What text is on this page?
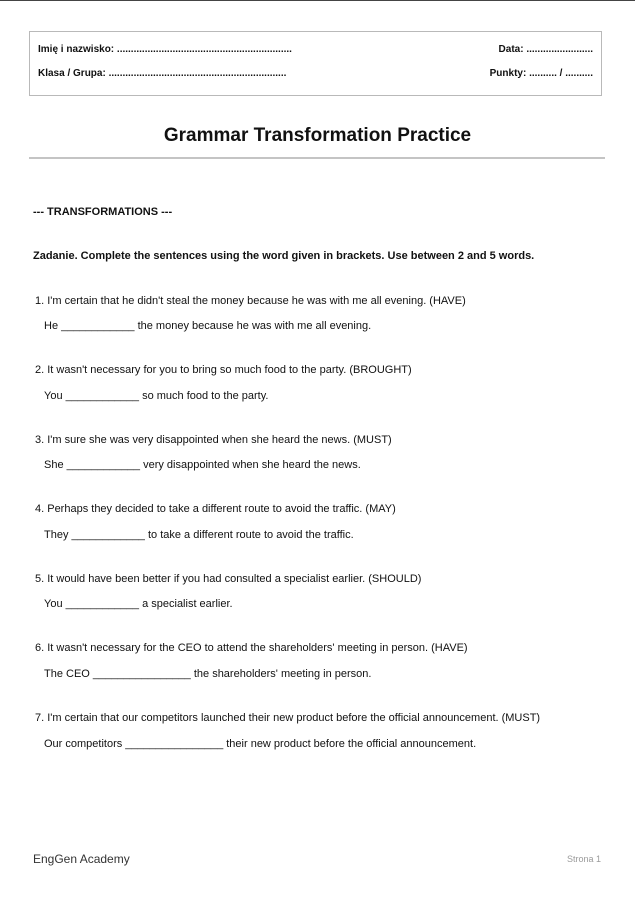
Imię i nazwisko: ...............................................................
Klasa / Grupa: ................................................................
Data: ........................
Punkty: .......... / ..........
Grammar Transformation Practice
--- TRANSFORMATIONS ---
Zadanie. Complete the sentences using the word given in brackets. Use between 2 and 5 words.
1. I'm certain that he didn't steal the money because he was with me all evening. (HAVE)
He ____________ the money because he was with me all evening.
2. It wasn't necessary for you to bring so much food to the party. (BROUGHT)
You ____________ so much food to the party.
3. I'm sure she was very disappointed when she heard the news. (MUST)
She ____________ very disappointed when she heard the news.
4. Perhaps they decided to take a different route to avoid the traffic. (MAY)
They ____________ to take a different route to avoid the traffic.
5. It would have been better if you had consulted a specialist earlier. (SHOULD)
You ____________ a specialist earlier.
6. It wasn't necessary for the CEO to attend the shareholders' meeting in person. (HAVE)
The CEO ________________ the shareholders' meeting in person.
7. I'm certain that our competitors launched their new product before the official announcement. (MUST)
Our competitors ________________ their new product before the official announcement.
EngGen Academy	Strona 1
